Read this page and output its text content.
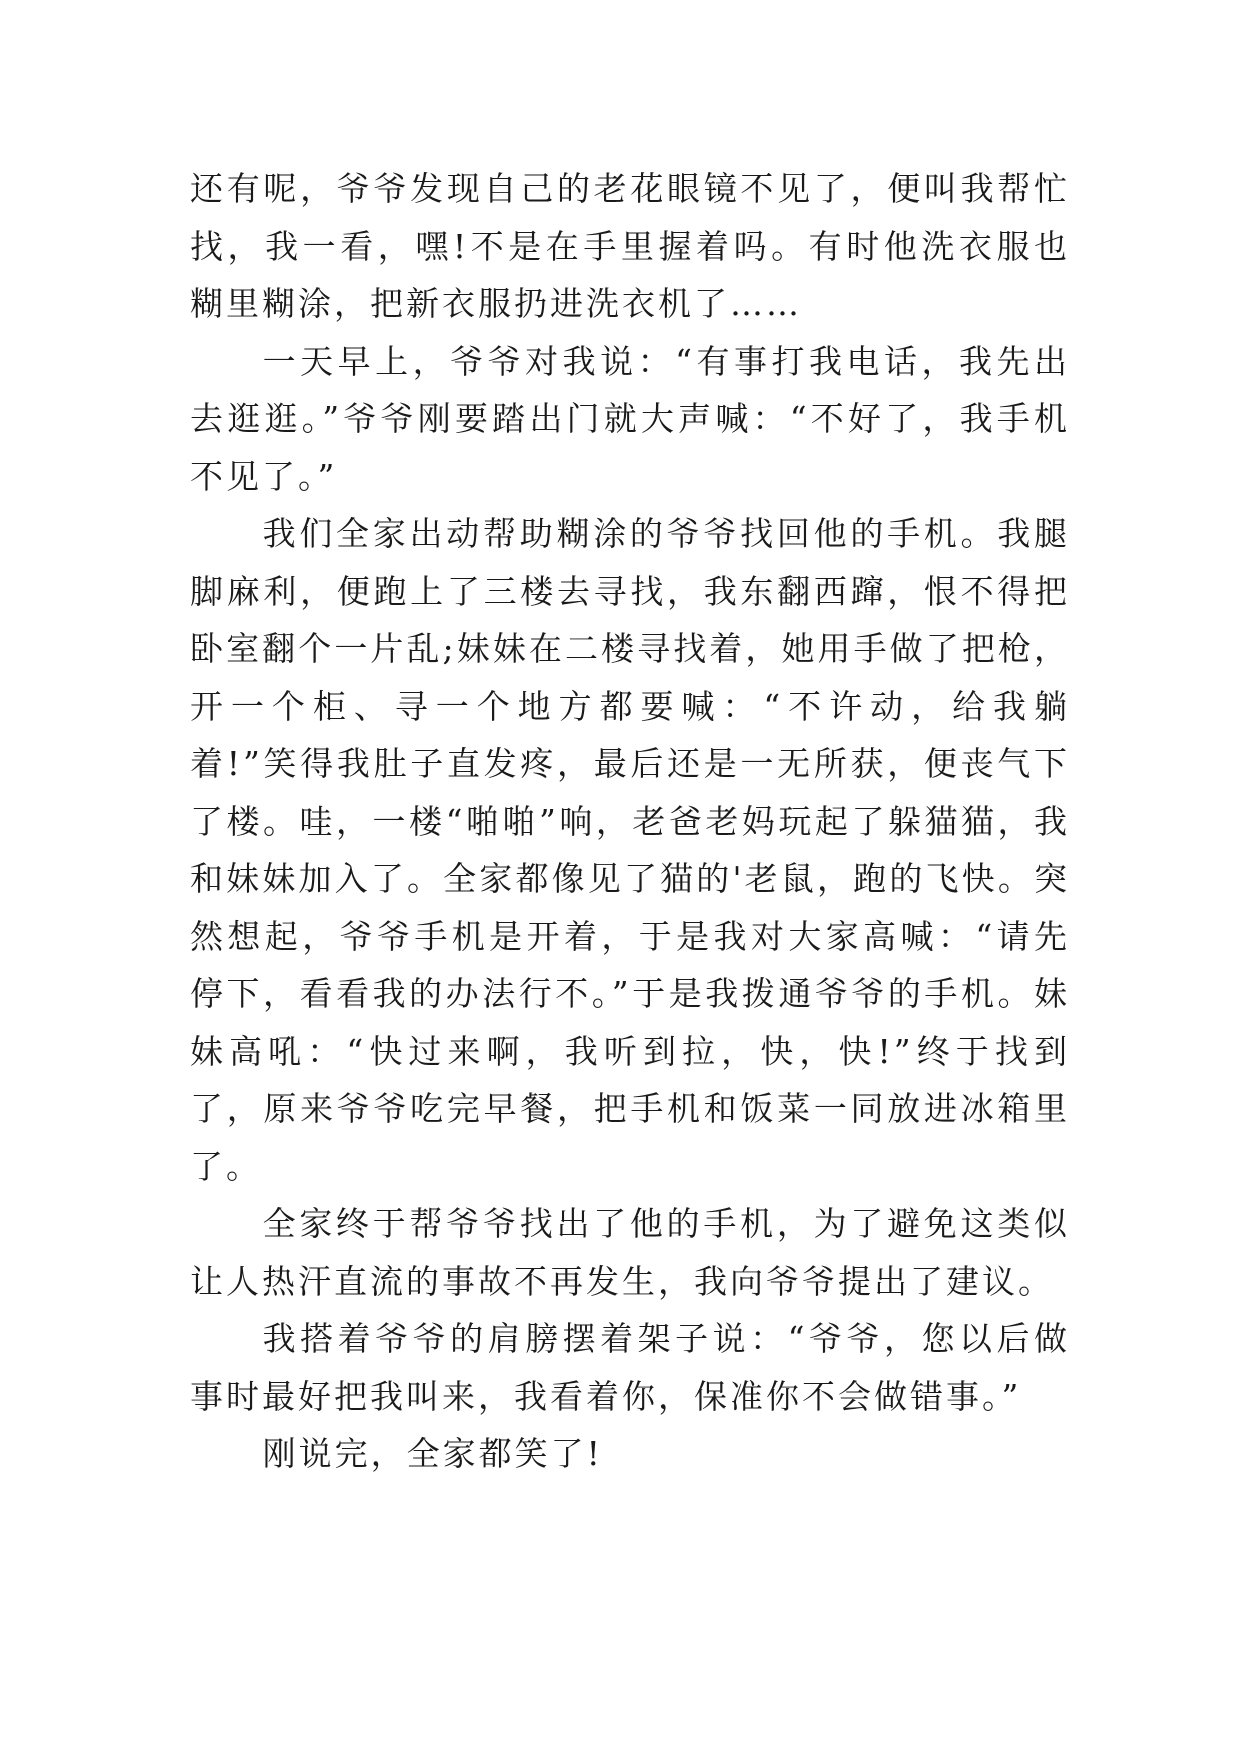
还有呢，爷爷发现自己的老花眼镜不见了，便叫我帮忙找，我一看，嘿!不是在手里握着吗。有时他洗衣服也糊里糊涂，把新衣服扔进洗衣机了……

一天早上，爷爷对我说：“有事打我电话，我先出去逛逛。”爷爷刚要踏出门就大声喊：“不好了，我手机不见了。”

我们全家出动帮助糊涂的爷爷找回他的手机。我腿脚麻利，便跑上了三楼去寻找，我东翻西蹿，恨不得把卧室翻个一片乱;妹妹在二楼寻找着，她用手做了把枪，开一个柜、寻一个地方都要喊：“不许动，给我躺着!”笑得我肚子直发疼，最后还是一无所获，便丧气下了楼。哇，一楼“啪啪”响，老爸老妈玩起了躲猫猫，我和妹妹加入了。全家都像见了猫的'老鼠，跑的飞快。突然想起，爷爷手机是开着，于是我对大家高喊：“请先停下，看看我的办法行不。”于是我拨通爷爷的手机。妹妹高吼：“快过来啊，我听到拉，快，快!”终于找到了，原来爷爷吃完早餐，把手机和饭菜一同放进冰箱里了。

全家终于帮爷爷找出了他的手机，为了避免这类似让人热汗直流的事故不再发生，我向爷爷提出了建议。

我搭着爷爷的肩膀摆着架子说：“爷爷，您以后做事时最好把我叫来，我看着你，保准你不会做错事。”

刚说完，全家都笑了!
